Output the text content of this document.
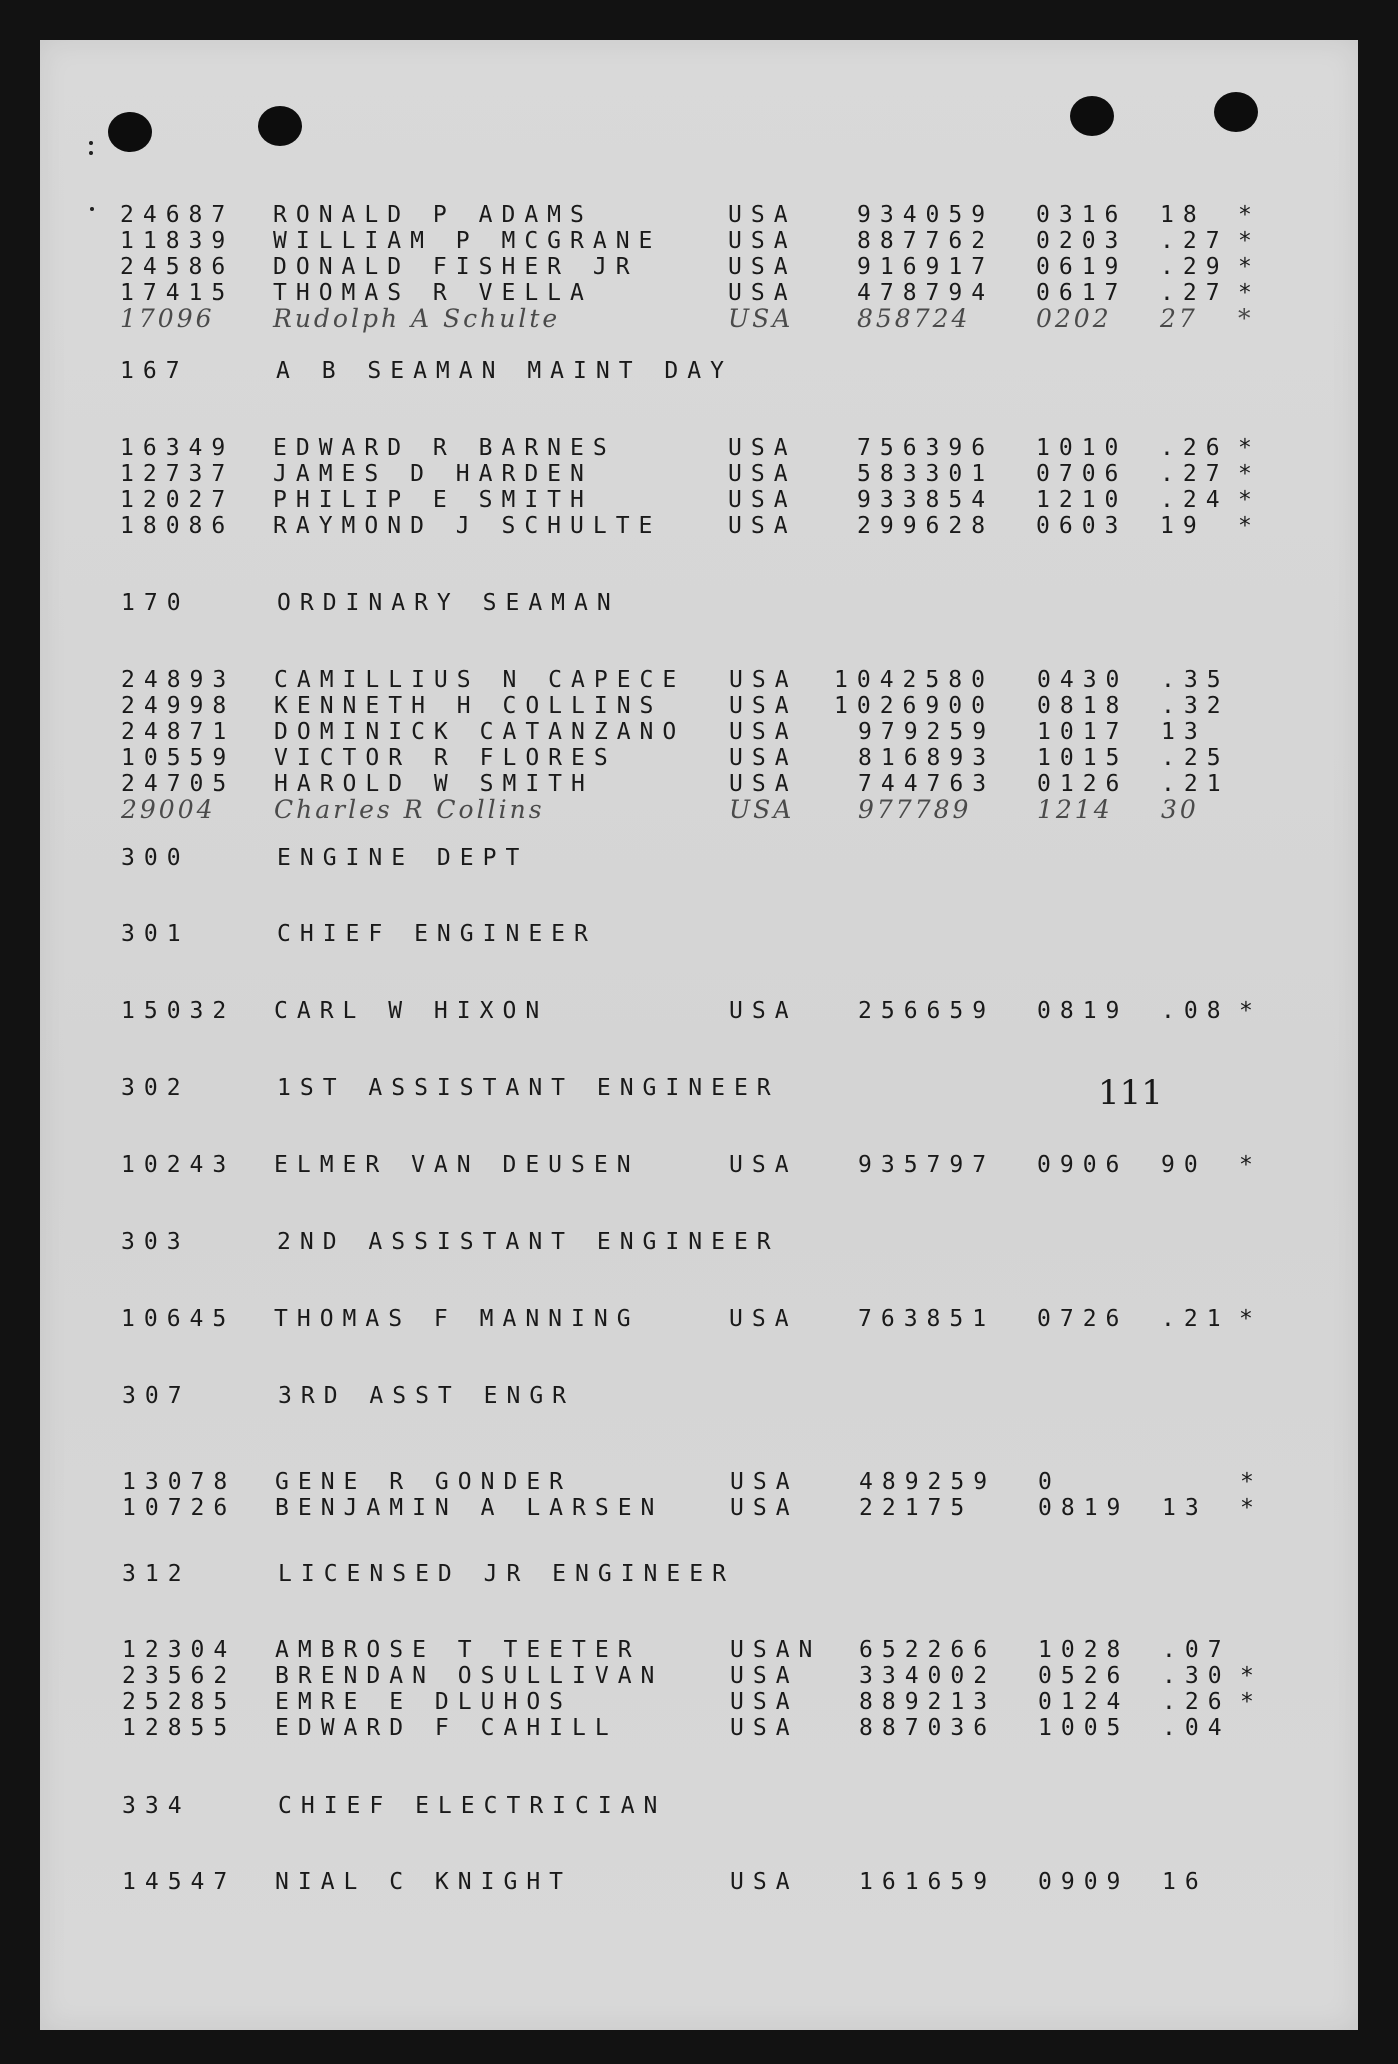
24687 RONALD P ADAMS	USA	934059 0316 18 *
11839 WILLIAM P MCGRANE	USA	887762 0203 .27 *
24586 DONALD FISHER JR	USA	916917 0619 .29 *
17415 THOMAS R VELLA	USA	478794 0617 .27 *
17096 Rudolph A Schulte	USA	858724	0202 27 *
167	A B SEAMAN MAINT DAY
16349 EDWARD R BARNES	USA	756396 1010 .26 *
12737 JAMES D HARDEN	USA	583301 0706 .27 *
12027 PHILIP E SMITH	USA	933854 1210 .24 *
18086 RAYMOND J SCHULTE	USA	299628 0603 19 *
170	ORDINARY SEAMAN
24893 CAMILLIUS N CAPECE USA 1042580 0430 .35
24998 KENNETH H COLLINS	USA 1026900 0818 .32
24871 DOMINICK CATANZANO USA	979259 1017 13
10559 VICTOR R FLORES	USA	816893 1015 .25
24705 HAROLD W SMITH	USA	744763 0126 .21
29004 Charles R Collins	USA	977789	1214 30
300	ENGINE DEPT
301	CHIEF ENGINEER
15032 CARL W HIXON	USA	256659 0819 .08 *
302	1ST ASSISTANT ENGINEER
10243 ELMER VAN DEUSEN	USA	935797 0906 90 *
303	2ND ASSISTANT ENGINEER
10645 THOMAS F MANNING	USA	763851 0726 .21 *
307	3RD ASST ENGR
13078 GENE R GONDER	USA	489259 0	*
10726 BENJAMIN A LARSEN	USA	22175	0819 13 *
312	LICENSED JR ENGINEER
12304 AMBROSE T TEETER	USAN 652266 1028 .07
23562 BRENDAN OSULLIVAN	USA	334002 0526 .30 *
25285 EMRE E DLUHOS	USA	889213 0124 .26 *
12855 EDWARD F CAHILL	USA	887036 1005 .04
334	CHIEF ELECTRICIAN
14547 NIAL C KNIGHT	USA	161659 0909 16
111
